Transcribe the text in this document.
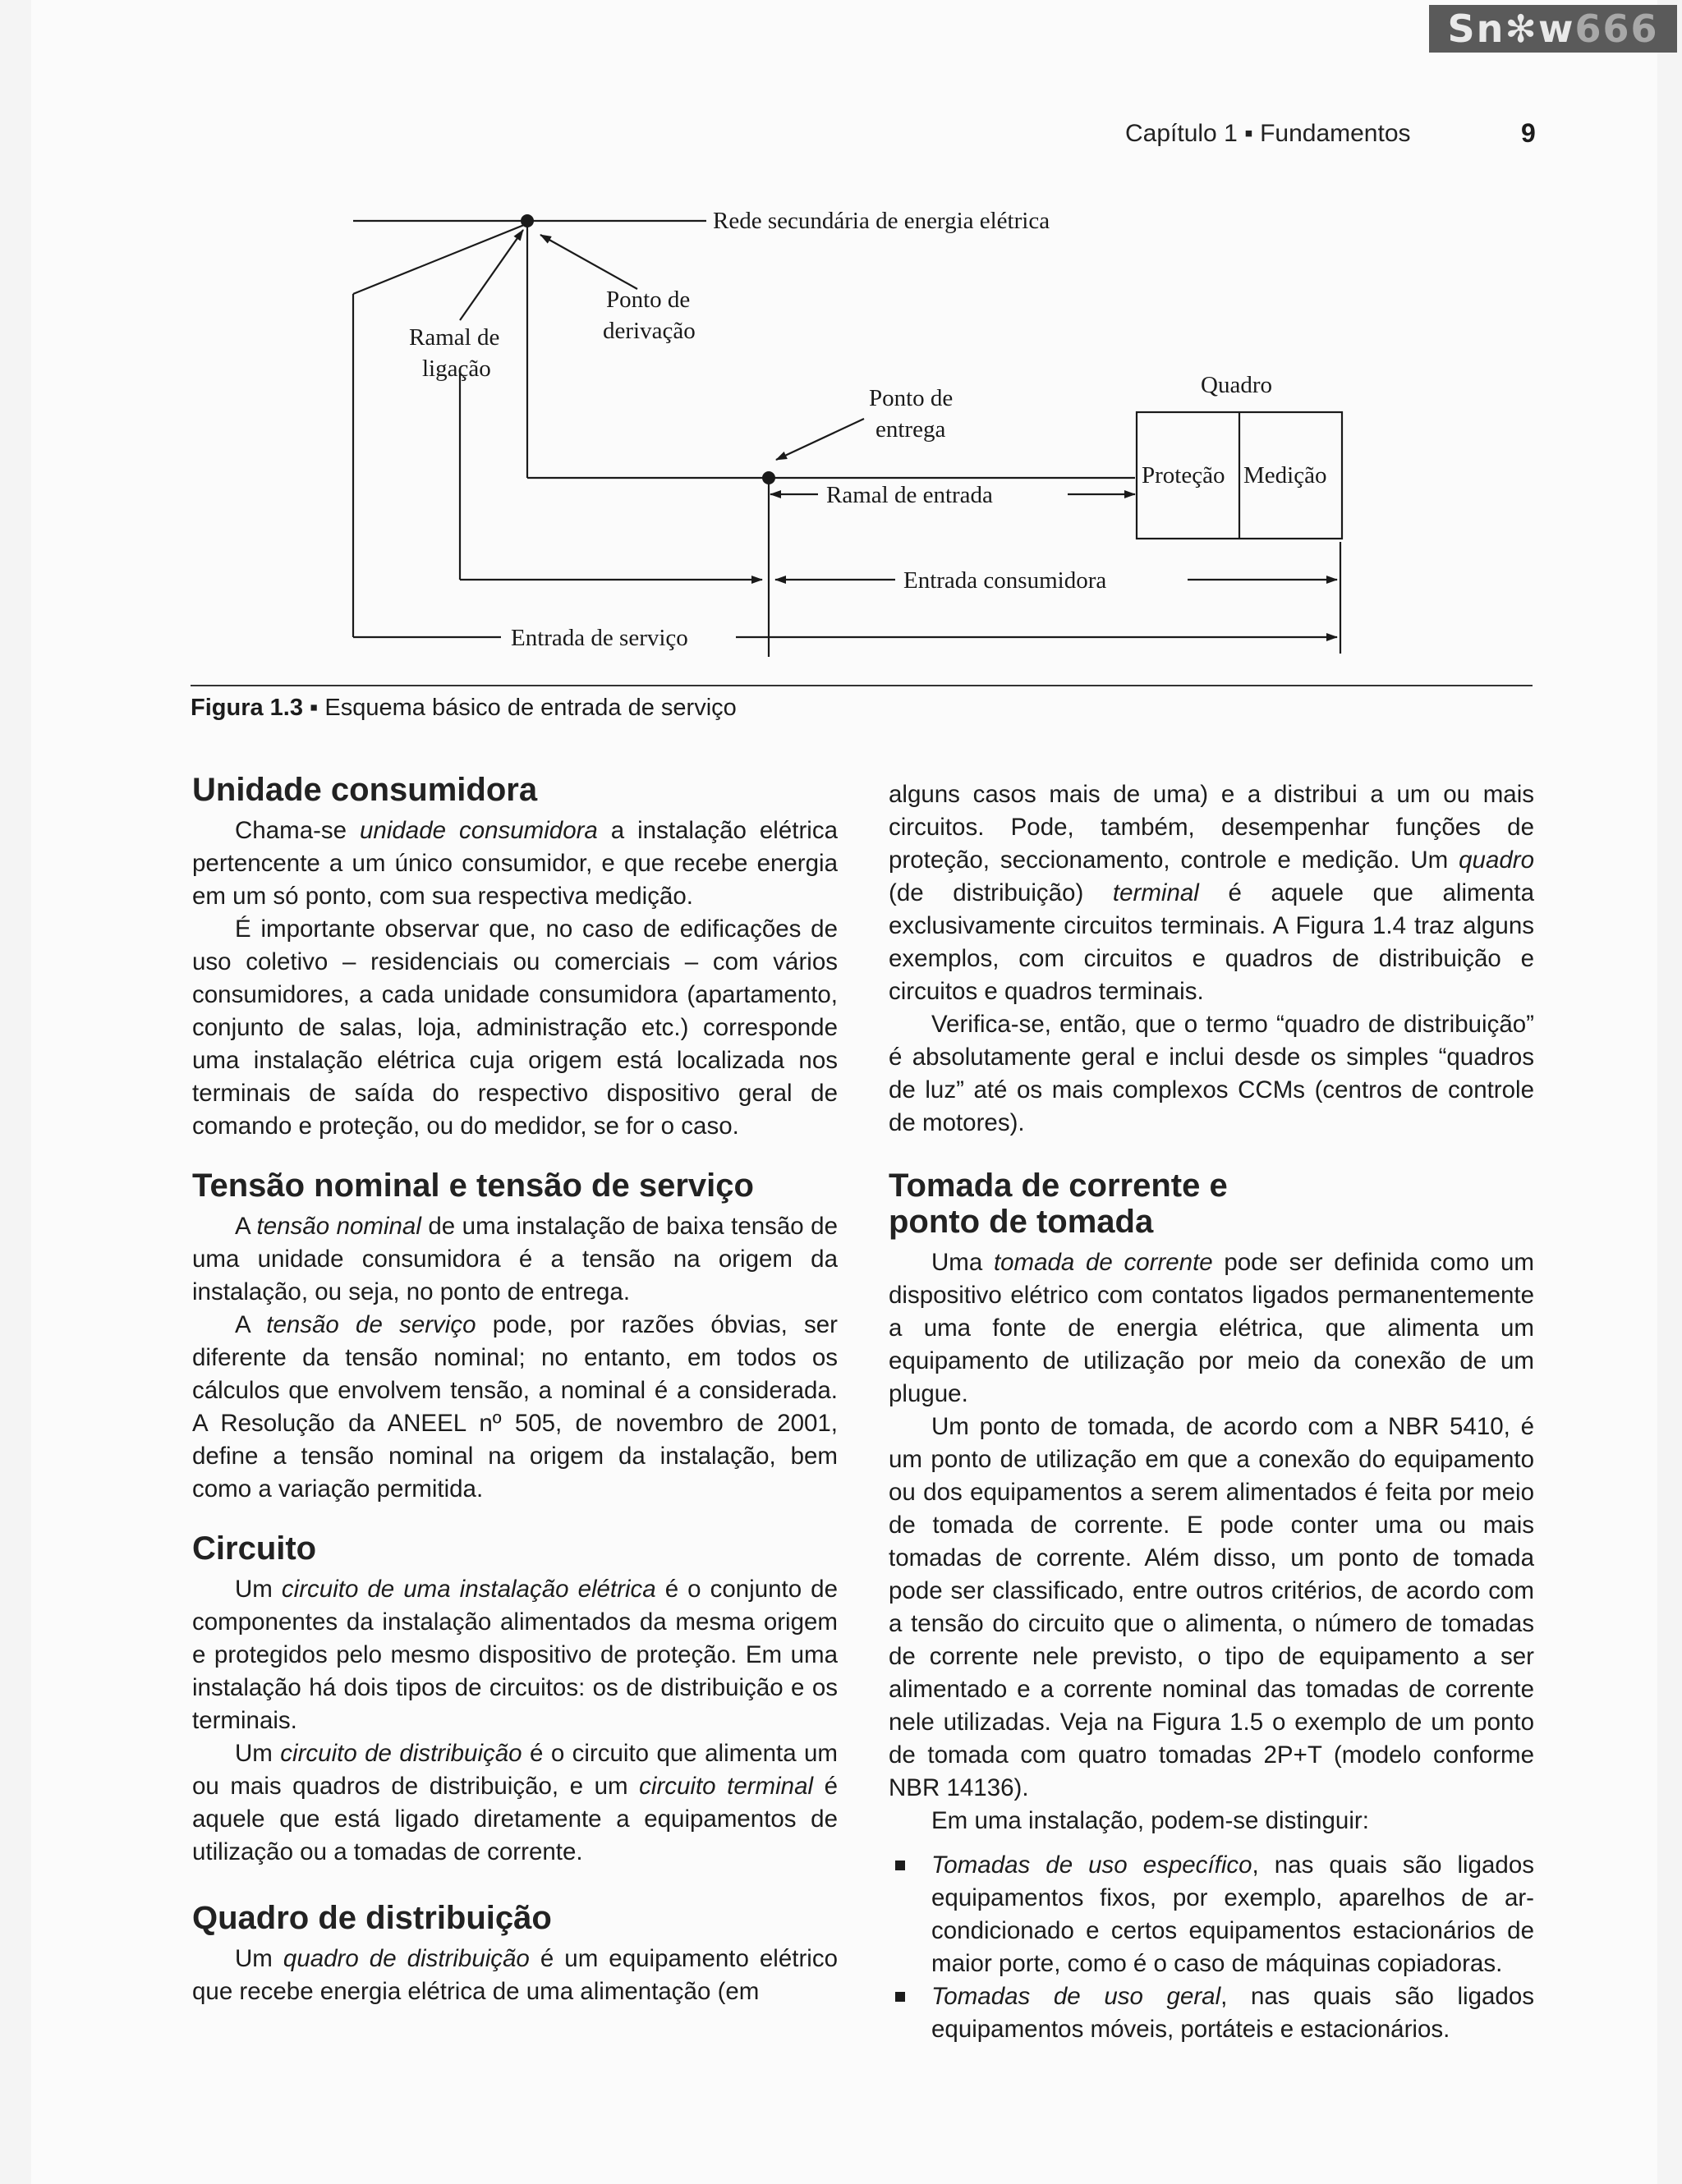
Sn✻w666
Capítulo 1 ▪ Fundamentos	9
Rede secundária de energia elétrica
Ponto de
derivação
Ramal de
ligação
Ponto de
entrega
Quadro
Proteção Medição
Ramal de entrada
Entrada consumidora
Entrada de serviço
Figura 1.3 ▪ Esquema básico de entrada de serviço
Unidade consumidora

Chama-se unidade consumidora a instalação elétrica pertencente a um único consumidor, e que recebe energia em um só ponto, com sua respectiva medição.

É importante observar que, no caso de edificações de uso coletivo – residenciais ou comerciais – com vários consumidores, a cada unidade consumidora (apartamento, conjunto de salas, loja, administração etc.) corresponde uma instalação elétrica cuja origem está localizada nos terminais de saída do respectivo dispositivo geral de comando e proteção, ou do medidor, se for o caso.

Tensão nominal e tensão de serviço

A tensão nominal de uma instalação de baixa tensão de uma unidade consumidora é a tensão na origem da instalação, ou seja, no ponto de entrega.

A tensão de serviço pode, por razões óbvias, ser diferente da tensão nominal; no entanto, em todos os cálculos que envolvem tensão, a nominal é a considerada. A Resolução da ANEEL nº 505, de novembro de 2001, define a tensão nominal na origem da instalação, bem como a variação permitida.

Circuito

Um circuito de uma instalação elétrica é o conjunto de componentes da instalação alimentados da mesma origem e protegidos pelo mesmo dispositivo de proteção. Em uma instalação há dois tipos de circuitos: os de distribuição e os terminais.

Um circuito de distribuição é o circuito que alimenta um ou mais quadros de distribuição, e um circuito terminal é aquele que está ligado diretamente a equipamentos de utilização ou a tomadas de corrente.

Quadro de distribuição

Um quadro de distribuição é um equipamento elétrico que recebe energia elétrica de uma alimentação (em

alguns casos mais de uma) e a distribui a um ou mais circuitos. Pode, também, desempenhar funções de proteção, seccionamento, controle e medição. Um quadro (de distribuição) terminal é aquele que alimenta exclusivamente circuitos terminais. A Figura 1.4 traz alguns exemplos, com circuitos e quadros de distribuição e circuitos e quadros terminais.

Verifica-se, então, que o termo “quadro de distribuição” é absolutamente geral e inclui desde os simples “quadros de luz” até os mais complexos CCMs (centros de controle de motores).

Tomada de corrente e
ponto de tomada

Uma tomada de corrente pode ser definida como um dispositivo elétrico com contatos ligados permanentemente a uma fonte de energia elétrica, que alimenta um equipamento de utilização por meio da conexão de um plugue.

Um ponto de tomada, de acordo com a NBR 5410, é um ponto de utilização em que a conexão do equipamento ou dos equipamentos a serem alimentados é feita por meio de tomada de corrente. E pode conter uma ou mais tomadas de corrente. Além disso, um ponto de tomada pode ser classificado, entre outros critérios, de acordo com a tensão do circuito que o alimenta, o número de tomadas de corrente nele previsto, o tipo de equipamento a ser alimentado e a corrente nominal das tomadas de corrente nele utilizadas. Veja na Figura 1.5 o exemplo de um ponto de tomada com quatro tomadas 2P+T (modelo conforme NBR 14136).

Em uma instalação, podem-se distinguir:

Tomadas de uso específico, nas quais são ligados equipamentos fixos, por exemplo, aparelhos de ar-condicionado e certos equipamentos estacionários de maior porte, como é o caso de máquinas copiadoras.
Tomadas de uso geral, nas quais são ligados equipamentos móveis, portáteis e estacionários.
